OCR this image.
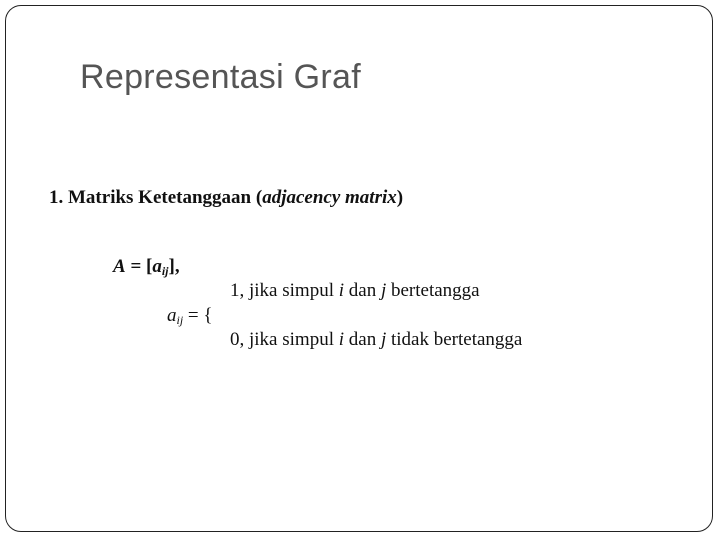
Representasi Graf
1. Matriks Ketetanggaan (adjacency matrix)
$A = [a_{ij}]$,
1, jika simpul i dan j bertetangga
$a_{ij}$ = {
0, jika simpul i dan j tidak bertetangga
